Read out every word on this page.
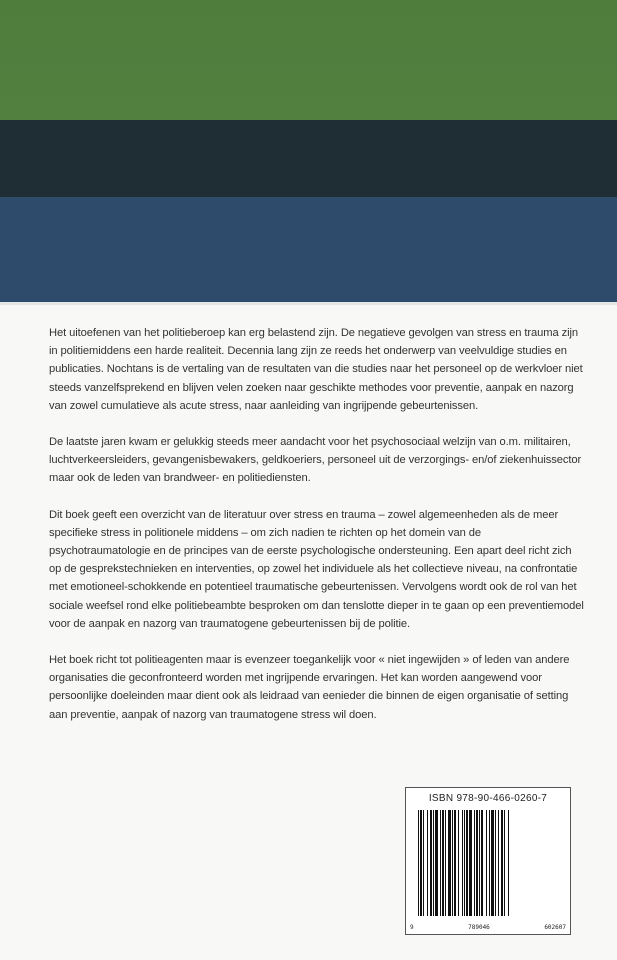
Het uitoefenen van het politieberoep kan erg belastend zijn. De negatieve gevolgen van stress en trauma zijn in politiemiddens een harde realiteit. Decennia lang zijn ze reeds het onderwerp van veelvuldige studies en publicaties. Nochtans is de vertaling van de resultaten van die studies naar het personeel op de werkvloer niet steeds vanzelfsprekend en blijven velen zoeken naar geschikte methodes voor preventie, aanpak en nazorg van zowel cumulatieve als acute stress, naar aanleiding van ingrijpende gebeurtenissen.

De laatste jaren kwam er gelukkig steeds meer aandacht voor het psychosociaal welzijn van o.m. militairen, luchtverkeersleiders, gevangenisbewakers, geldkoeriers, personeel uit de verzorgings- en/of ziekenhuissector maar ook de leden van brandweer- en politiediensten.

Dit boek geeft een overzicht van de literatuur over stress en trauma – zowel algemeenheden als de meer specifieke stress in politionele middens – om zich nadien te richten op het domein van de psychotraumatologie en de principes van de eerste psychologische ondersteuning. Een apart deel richt zich op de gesprekstechnieken en interventies, op zowel het individuele als het collectieve niveau, na confrontatie met emotioneel-schokkende en potentieel traumatische gebeurtenissen. Vervolgens wordt ook de rol van het sociale weefsel rond elke politiebeambte besproken om dan tenslotte dieper in te gaan op een preventiemodel voor de aanpak en nazorg van traumatogene gebeurtenissen bij de politie.

Het boek richt tot politieagenten maar is evenzeer toegankelijk voor « niet ingewijden » of leden van andere organisaties die geconfronteerd worden met ingrijpende ervaringen. Het kan worden aangewend voor persoonlijke doeleinden maar dient ook als leidraad van eenieder die binnen de eigen organisatie of setting aan preventie, aanpak of nazorg van traumatogene stress wil doen.

ISBN 978-90-466-0260-7
9	789046	602607
